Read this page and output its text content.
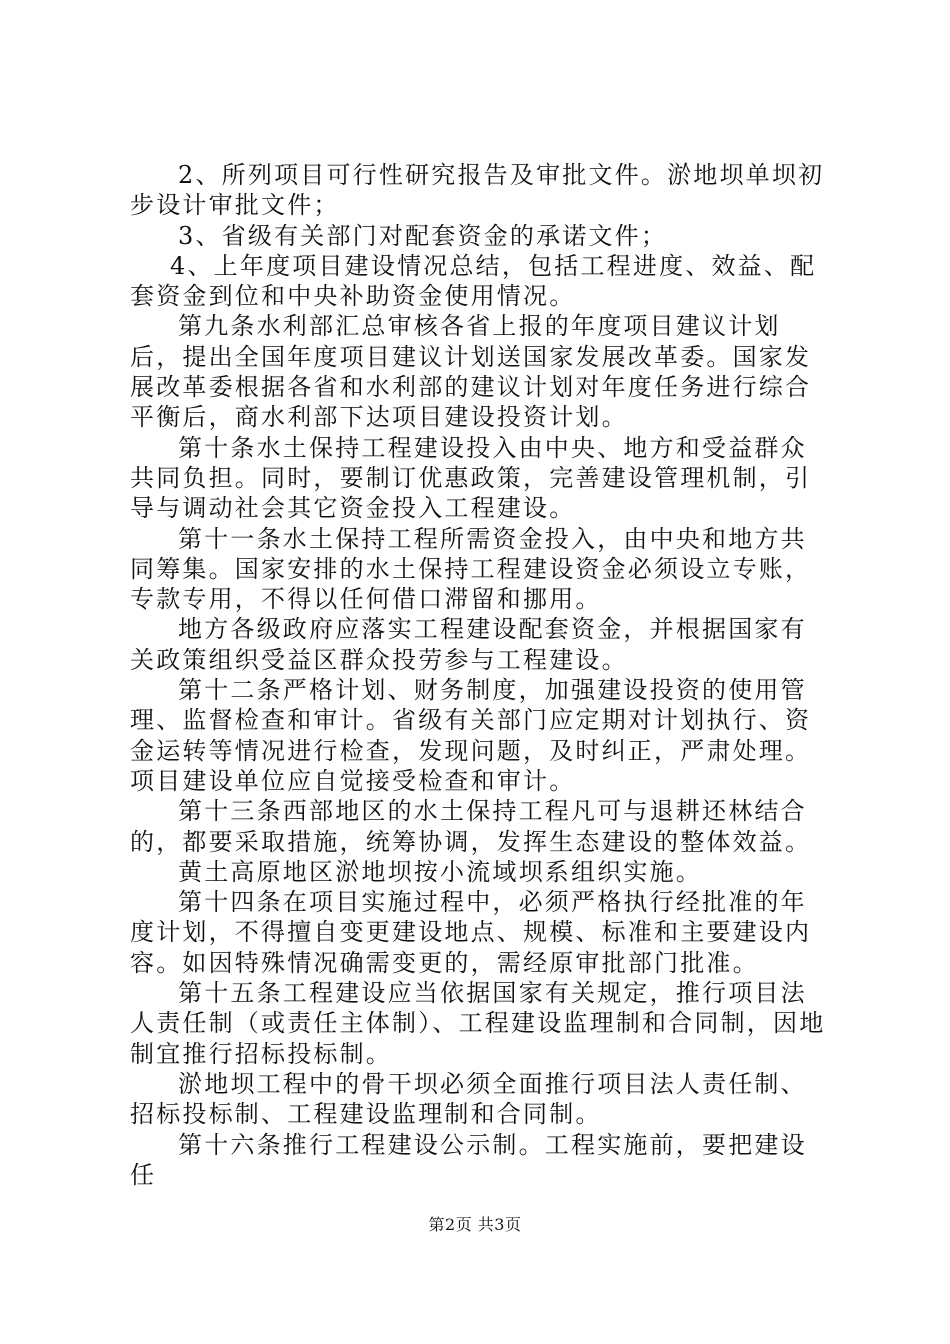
2、所列项目可行性研究报告及审批文件。淤地坝单坝初步设计审批文件；

3、省级有关部门对配套资金的承诺文件；

4、上年度项目建设情况总结，包括工程进度、效益、配套资金到位和中央补助资金使用情况。

第九条水利部汇总审核各省上报的年度项目建议计划后，提出全国年度项目建议计划送国家发展改革委。国家发展改革委根据各省和水利部的建议计划对年度任务进行综合平衡后，商水利部下达项目建设投资计划。

第十条水土保持工程建设投入由中央、地方和受益群众共同负担。同时，要制订优惠政策，完善建设管理机制，引导与调动社会其它资金投入工程建设。

第十一条水土保持工程所需资金投入，由中央和地方共同筹集。国家安排的水土保持工程建设资金必须设立专账，专款专用，不得以任何借口滞留和挪用。

地方各级政府应落实工程建设配套资金，并根据国家有关政策组织受益区群众投劳参与工程建设。

第十二条严格计划、财务制度，加强建设投资的使用管理、监督检查和审计。省级有关部门应定期对计划执行、资金运转等情况进行检查，发现问题，及时纠正，严肃处理。项目建设单位应自觉接受检查和审计。

第十三条西部地区的水土保持工程凡可与退耕还林结合的，都要采取措施，统筹协调，发挥生态建设的整体效益。

黄土高原地区淤地坝按小流域坝系组织实施。

第十四条在项目实施过程中，必须严格执行经批准的年度计划，不得擅自变更建设地点、规模、标准和主要建设内容。如因特殊情况确需变更的，需经原审批部门批准。

第十五条工程建设应当依据国家有关规定，推行项目法人责任制（或责任主体制）、工程建设监理制和合同制，因地制宜推行招标投标制。

淤地坝工程中的骨干坝必须全面推行项目法人责任制、招标投标制、工程建设监理制和合同制。

第十六条推行工程建设公示制。工程实施前，要把建设任

第2页 共3页
